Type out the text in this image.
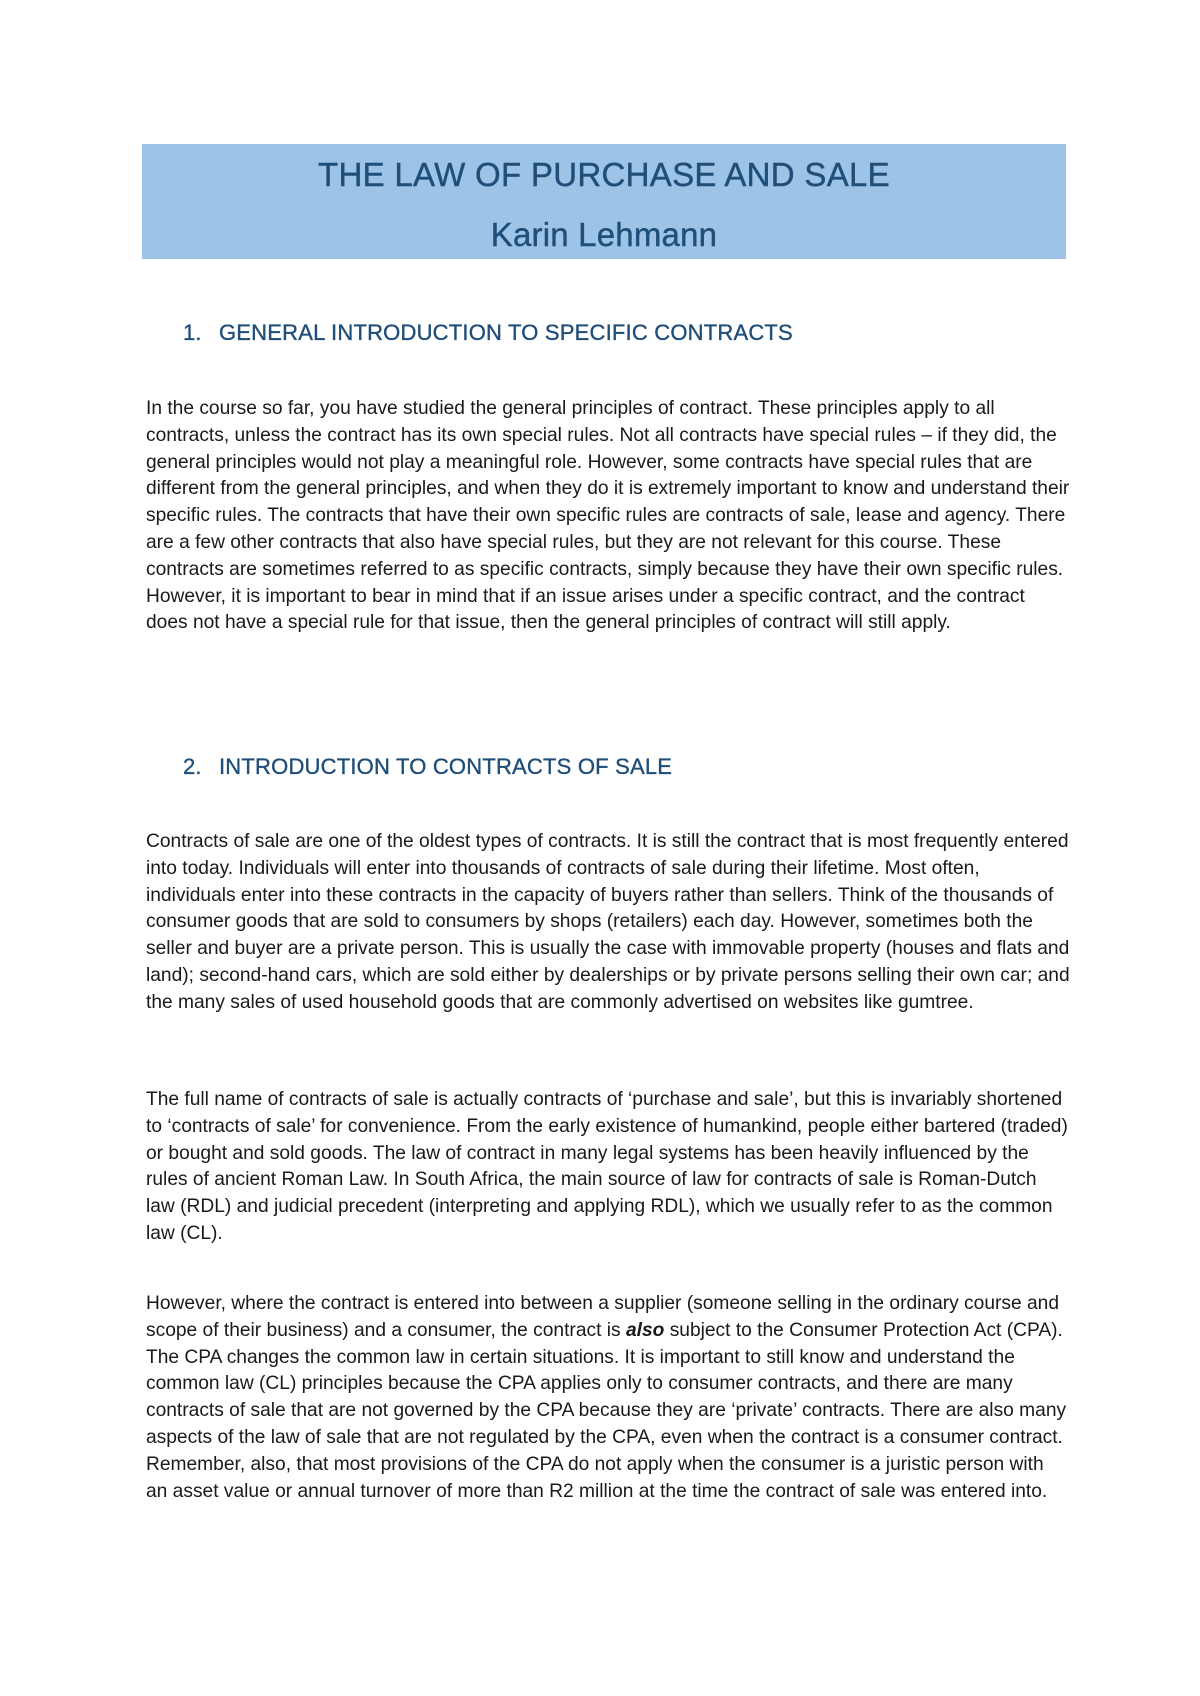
THE LAW OF PURCHASE AND SALE

Karin Lehmann

1. GENERAL INTRODUCTION TO SPECIFIC CONTRACTS

In the course so far, you have studied the general principles of contract. These principles apply to all contracts, unless the contract has its own special rules. Not all contracts have special rules – if they did, the general principles would not play a meaningful role. However, some contracts have special rules that are different from the general principles, and when they do it is extremely important to know and understand their specific rules. The contracts that have their own specific rules are contracts of sale, lease and agency. There are a few other contracts that also have special rules, but they are not relevant for this course. These contracts are sometimes referred to as specific contracts, simply because they have their own specific rules. However, it is important to bear in mind that if an issue arises under a specific contract, and the contract does not have a special rule for that issue, then the general principles of contract will still apply.

2. INTRODUCTION TO CONTRACTS OF SALE

Contracts of sale are one of the oldest types of contracts. It is still the contract that is most frequently entered into today. Individuals will enter into thousands of contracts of sale during their lifetime. Most often, individuals enter into these contracts in the capacity of buyers rather than sellers. Think of the thousands of consumer goods that are sold to consumers by shops (retailers) each day. However, sometimes both the seller and buyer are a private person. This is usually the case with immovable property (houses and flats and land); second-hand cars, which are sold either by dealerships or by private persons selling their own car; and the many sales of used household goods that are commonly advertised on websites like gumtree.

The full name of contracts of sale is actually contracts of ‘purchase and sale’, but this is invariably shortened to ‘contracts of sale’ for convenience. From the early existence of humankind, people either bartered (traded) or bought and sold goods. The law of contract in many legal systems has been heavily influenced by the rules of ancient Roman Law. In South Africa, the main source of law for contracts of sale is Roman-Dutch law (RDL) and judicial precedent (interpreting and applying RDL), which we usually refer to as the common law (CL).

However, where the contract is entered into between a supplier (someone selling in the ordinary course and scope of their business) and a consumer, the contract is also subject to the Consumer Protection Act (CPA). The CPA changes the common law in certain situations. It is important to still know and understand the common law (CL) principles because the CPA applies only to consumer contracts, and there are many contracts of sale that are not governed by the CPA because they are ‘private’ contracts. There are also many aspects of the law of sale that are not regulated by the CPA, even when the contract is a consumer contract. Remember, also, that most provisions of the CPA do not apply when the consumer is a juristic person with an asset value or annual turnover of more than R2 million at the time the contract of sale was entered into.
